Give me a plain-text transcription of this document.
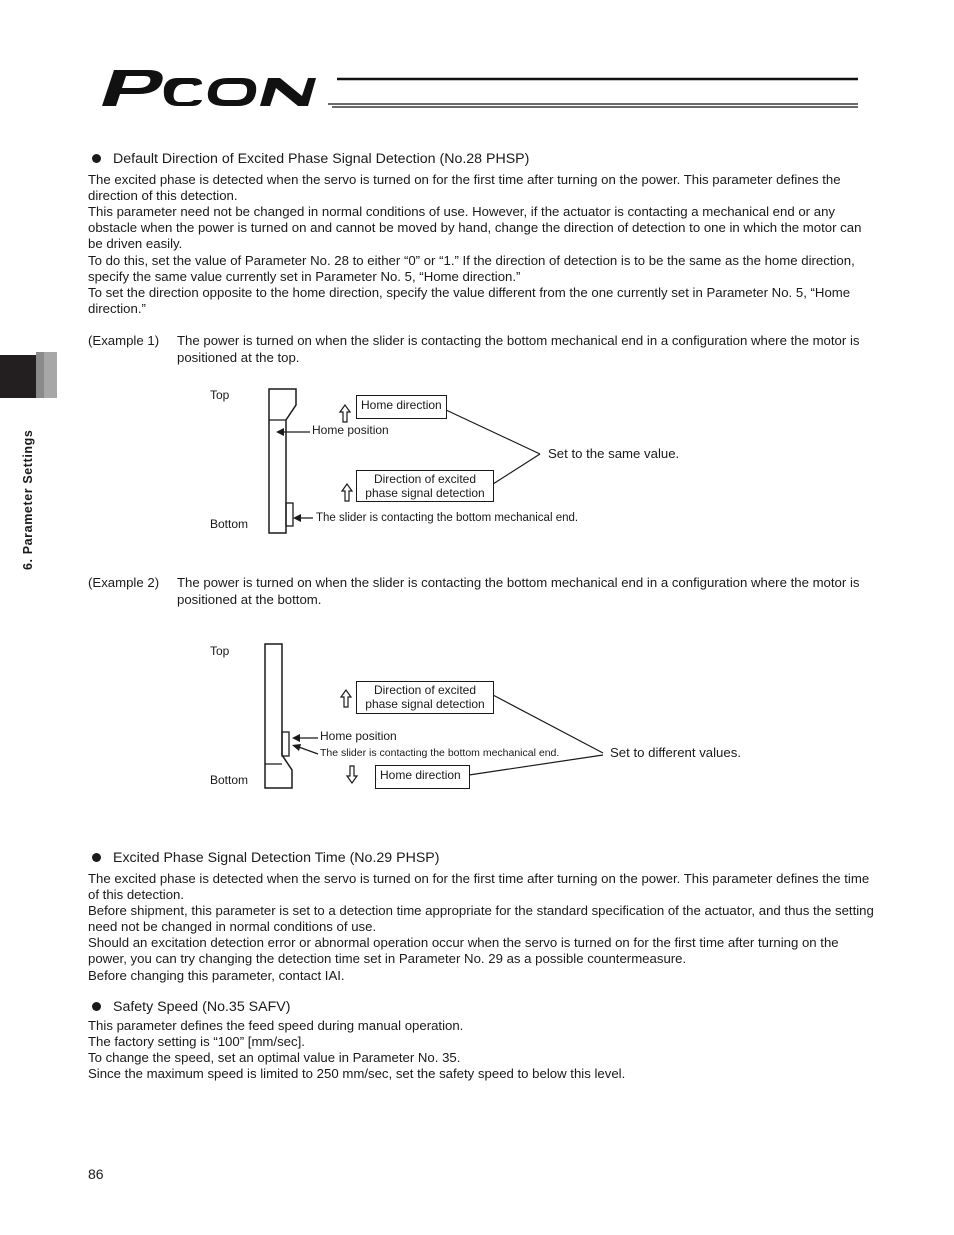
6. Parameter Settings
Default Direction of Excited Phase Signal Detection (No.28 PHSP)

The excited phase is detected when the servo is turned on for the first time after turning on the power. This parameter defines the direction of this detection.

This parameter need not be changed in normal conditions of use. However, if the actuator is contacting a mechanical end or any obstacle when the power is turned on and cannot be moved by hand, change the direction of detection to one in which the motor can be driven easily.

To do this, set the value of Parameter No. 28 to either “0” or “1.” If the direction of detection is to be the same as the home direction, specify the same value currently set in Parameter No. 5, “Home direction.”

To set the direction opposite to the home direction, specify the value different from the one currently set in Parameter No. 5, “Home direction.”

(Example 1) The power is turned on when the slider is contacting the bottom mechanical end in a configuration where the motor is positioned at the top.
Top
Bottom
Home direction
Home position
Direction of excited
phase signal detection
Set to the same value.
The slider is contacting the bottom mechanical end.
(Example 2) The power is turned on when the slider is contacting the bottom mechanical end in a configuration where the motor is positioned at the bottom.
Top
Bottom
Direction of excited
phase signal detection
Home position
The slider is contacting the bottom mechanical end.
Home direction
Set to different values.
Excited Phase Signal Detection Time (No.29 PHSP)

The excited phase is detected when the servo is turned on for the first time after turning on the power. This parameter defines the time of this detection.

Before shipment, this parameter is set to a detection time appropriate for the standard specification of the actuator, and thus the setting need not be changed in normal conditions of use.

Should an excitation detection error or abnormal operation occur when the servo is turned on for the first time after turning on the power, you can try changing the detection time set in Parameter No. 29 as a possible countermeasure.

Before changing this parameter, contact IAI.

Safety Speed (No.35 SAFV)

This parameter defines the feed speed during manual operation.

The factory setting is “100” [mm/sec].

To change the speed, set an optimal value in Parameter No. 35.

Since the maximum speed is limited to 250 mm/sec, set the safety speed to below this level.

86
